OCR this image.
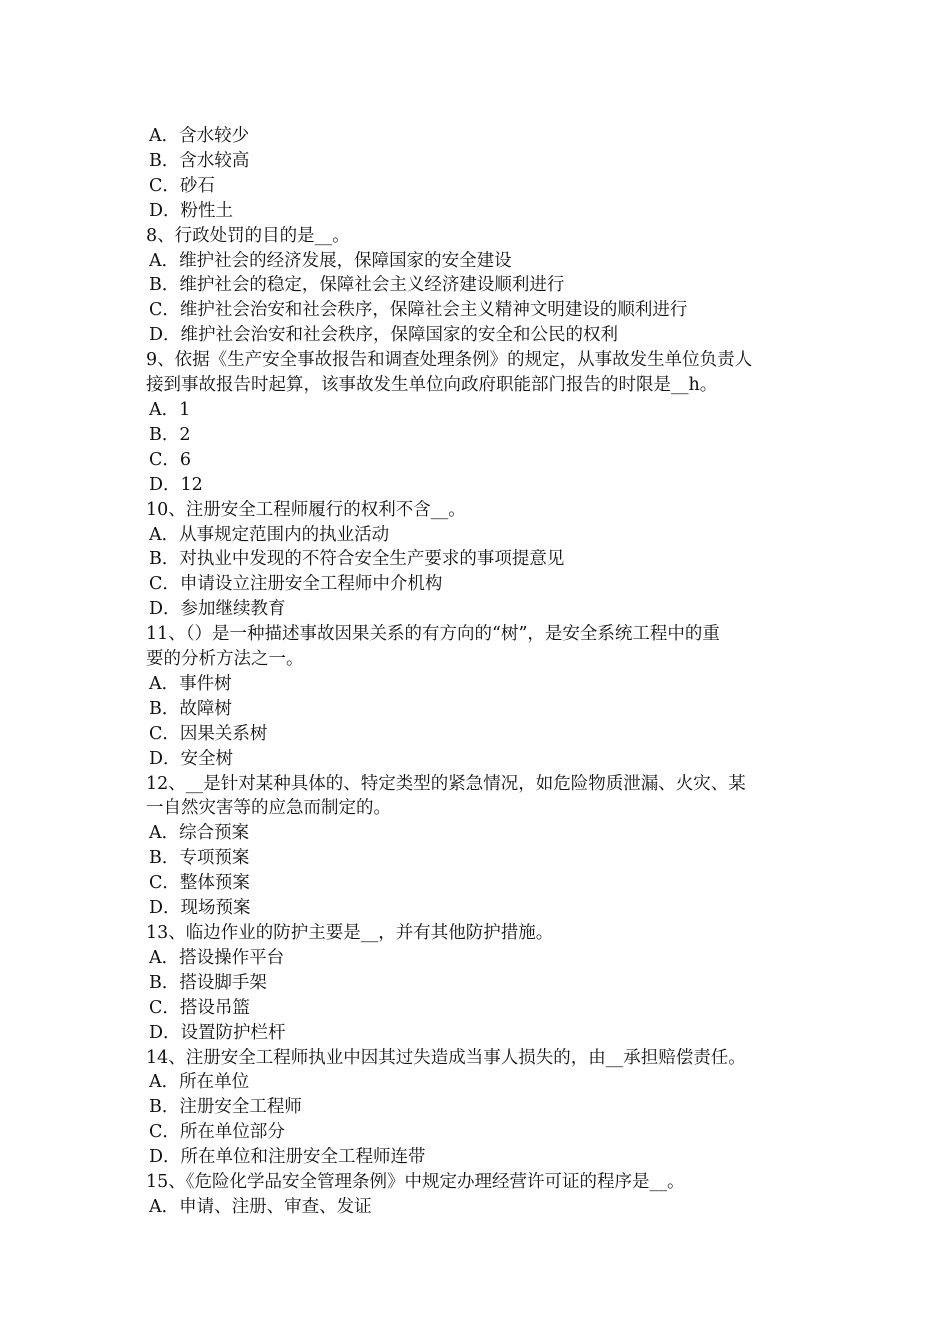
A．含水较少
B．含水较高
C．砂石
D．粉性土
8、行政处罚的目的是__。
A．维护社会的经济发展，保障国家的安全建设
B．维护社会的稳定，保障社会主义经济建设顺利进行
C．维护社会治安和社会秩序，保障社会主义精神文明建设的顺利进行
D．维护社会治安和社会秩序，保障国家的安全和公民的权利
9、依据《生产安全事故报告和调查处理条例》的规定，从事故发生单位负责人
接到事故报告时起算，该事故发生单位向政府职能部门报告的时限是__h。
A．1
B．2
C．6
D．12
10、注册安全工程师履行的权利不含__。
A．从事规定范围内的执业活动
B．对执业中发现的不符合安全生产要求的事项提意见
C．申请设立注册安全工程师中介机构
D．参加继续教育
11、（）是一种描述事故因果关系的有方向的“树”，是安全系统工程中的重
要的分析方法之一。
A．事件树
B．故障树
C．因果关系树
D．安全树
12、__是针对某种具体的、特定类型的紧急情况，如危险物质泄漏、火灾、某
一自然灾害等的应急而制定的。
A．综合预案
B．专项预案
C．整体预案
D．现场预案
13、临边作业的防护主要是__，并有其他防护措施。
A．搭设操作平台
B．搭设脚手架
C．搭设吊篮
D．设置防护栏杆
14、注册安全工程师执业中因其过失造成当事人损失的，由__承担赔偿责任。
A．所在单位
B．注册安全工程师
C．所在单位部分
D．所在单位和注册安全工程师连带
15、《危险化学品安全管理条例》中规定办理经营许可证的程序是__。
A．申请、注册、审查、发证
